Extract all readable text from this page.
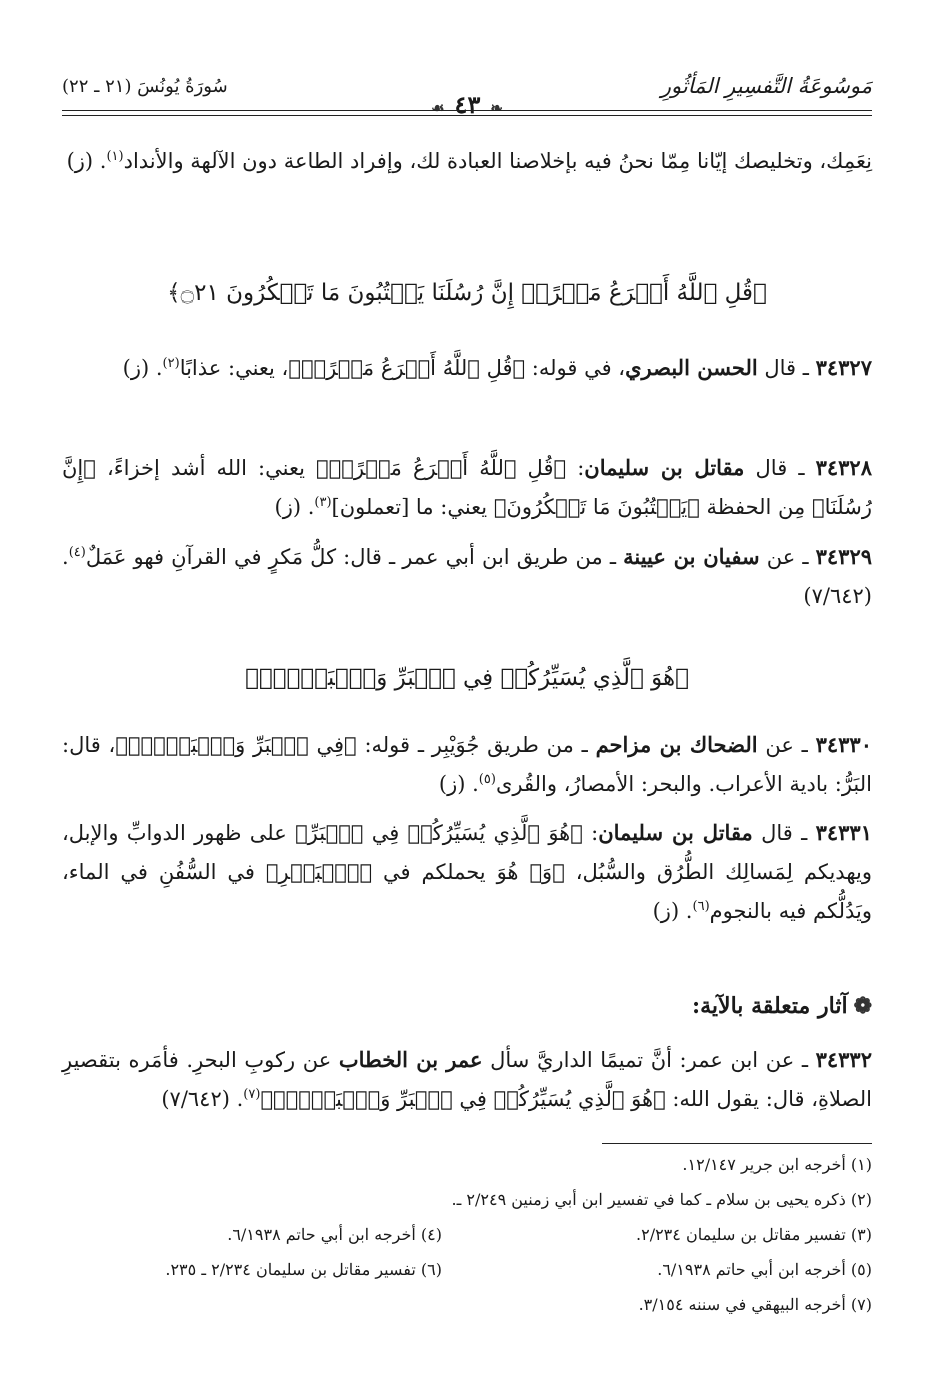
مَوسُوعَةُ التَّفسِيرِ المَأثُورِ
❧٤٣☙
سُورَةُ يُونُسَ (٢١ ـ ٢٢)
نِعَمِك، وتخليصك إيّانا مِمّا نحنُ فيه بإخلاصنا العبادة لك، وإفراد الطاعة دون الآلهة والأنداد$^{(١)}$. (ز)
﴿قُلِ ٱللَّهُ أَسۡرَعُ مَكۡرًاۚ إِنَّ رُسُلَنَا يَكۡتُبُونَ مَا تَمۡكُرُونَ ۝٢١﴾
٣٤٣٢٧ ـ قال الحسن البصري، في قوله: ﴿قُلِ ٱللَّهُ أَسۡرَعُ مَكۡرًاۚ﴾، يعني: عذابًا$^{(٢)}$. (ز)
٣٤٣٢٨ ـ قال مقاتل بن سليمان: ﴿قُلِ ٱللَّهُ أَسۡرَعُ مَكۡرًاۚ﴾ يعني: الله أشد إخزاءً، ﴿إِنَّ رُسُلَنَا﴾ مِن الحفظة ﴿يَكۡتُبُونَ مَا تَمۡكُرُونَ﴾ يعني: ما [تعملون]$^{(٣)}$. (ز)
٣٤٣٢٩ ـ عن سفيان بن عيينة ـ من طريق ابن أبي عمر ـ قال: كلُّ مَكرٍ في القرآنِ فهو عَمَلٌ$^{(٤)}$. (٧/٦٤٢)
﴿هُوَ ٱلَّذِي يُسَيِّرُكُمۡ فِي ٱلۡبَرِّ وَٱلۡبَحۡرِۖ﴾
٣٤٣٣٠ ـ عن الضحاك بن مزاحم ـ من طريق جُوَيْبِر ـ قوله: ﴿فِي ٱلۡبَرِّ وَٱلۡبَحۡرِۖ﴾، قال: البَرُّ: بادية الأعراب. والبحر: الأمصارُ، والقُرى$^{(٥)}$. (ز)
٣٤٣٣١ ـ قال مقاتل بن سليمان: ﴿هُوَ ٱلَّذِي يُسَيِّرُكُمۡ فِي ٱلۡبَرِّ﴾ على ظهور الدوابِّ والإبل، ويهديكم لِمَسالِك الطُّرُق والسُّبُل، ﴿وَ﴾ هُوَ يحملكم في ﴿ٱلۡبَحۡرِ﴾ في السُّفُنِ في الماء، ويَدُلُّكم فيه بالنجوم$^{(٦)}$. (ز)
❁آثار متعلقة بالآية:
٣٤٣٣٢ ـ عن ابن عمر: أنَّ تميمًا الداريَّ سأل عمر بن الخطاب عن ركوبِ البحرِ. فأمَره بتقصيرِ الصلاةِ، قال: يقول الله: ﴿هُوَ ٱلَّذِي يُسَيِّرُكُمۡ فِي ٱلۡبَرِّ وَٱلۡبَحۡرِۖ﴾$^{(٧)}$. (٧/٦٤٢)
(١) أخرجه ابن جرير ١٢/١٤٧.
(٢) ذكره يحيى بن سلام ـ كما في تفسير ابن أبي زمنين ٢/٢٤٩ ـ.
(٣) تفسير مقاتل بن سليمان ٢/٢٣٤.
(٤) أخرجه ابن أبي حاتم ٦/١٩٣٨.
(٥) أخرجه ابن أبي حاتم ٦/١٩٣٨.
(٦) تفسير مقاتل بن سليمان ٢/٢٣٤ ـ ٢٣٥.
(٧) أخرجه البيهقي في سننه ٣/١٥٤.
